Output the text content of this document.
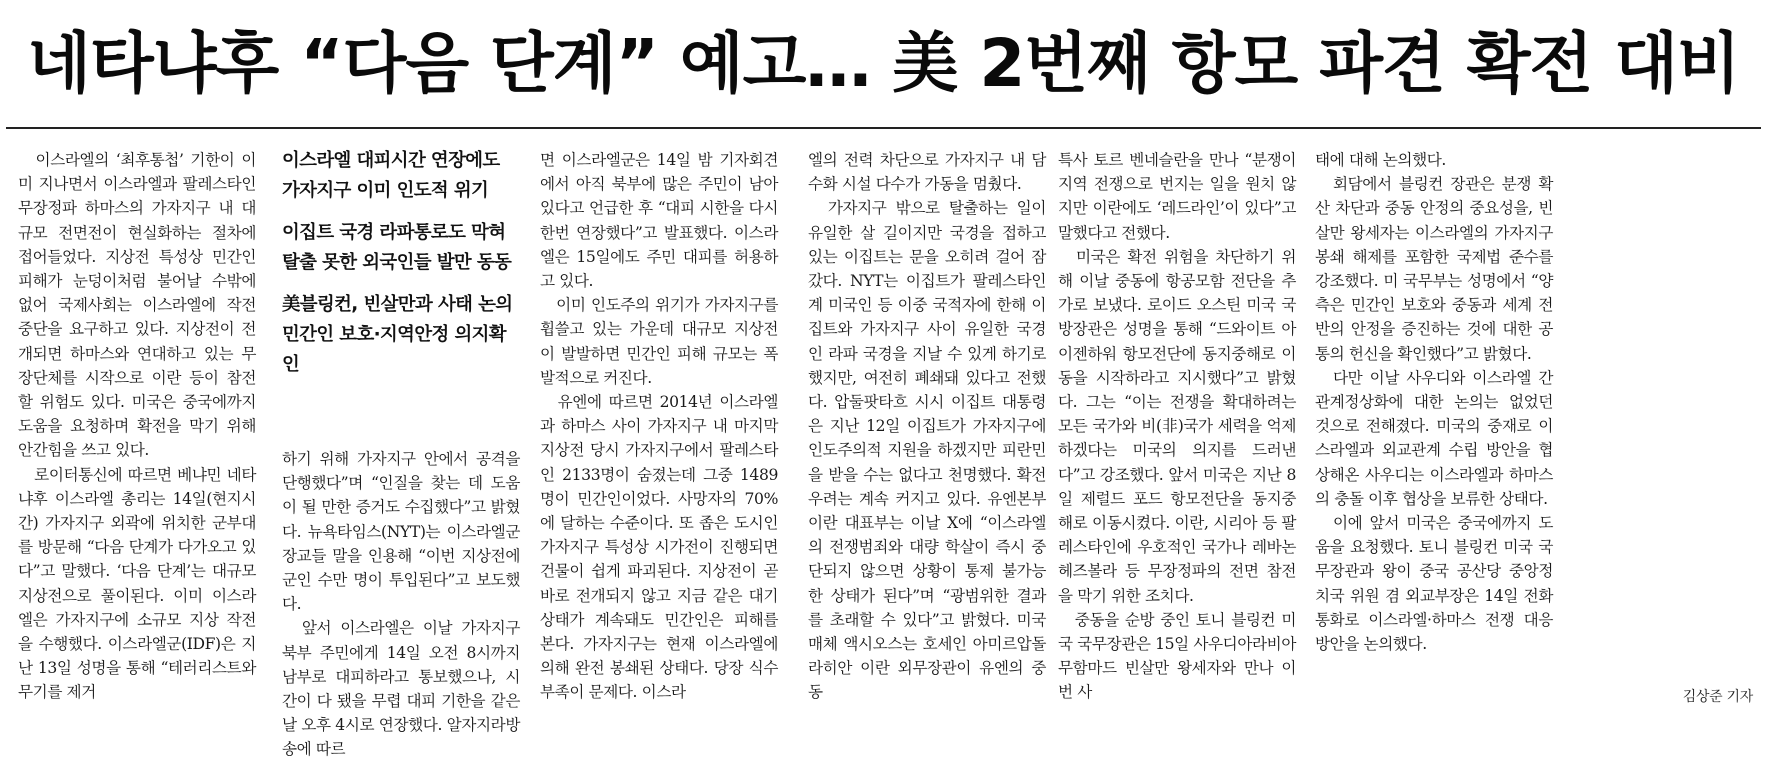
네타냐후 “다음 단계” 예고… 美 2번째 항모 파견 확전 대비
　이스라엘의 ‘최후통첩’ 기한이 이미 지나면서 이스라엘과 팔레스타인 무장정파 하마스의 가자지구 내 대규모 전면전이 현실화하는 절차에 접어들었다. 지상전 특성상 민간인 피해가 눈덩이처럼 불어날 수밖에 없어 국제사회는 이스라엘에 작전 중단을 요구하고 있다. 지상전이 전개되면 하마스와 연대하고 있는 무장단체를 시작으로 이란 등이 참전할 위험도 있다. 미국은 중국에까지 도움을 요청하며 확전을 막기 위해 안간힘을 쓰고 있다.
　로이터통신에 따르면 베냐민 네타냐후 이스라엘 총리는 14일(현지시간) 가자지구 외곽에 위치한 군부대를 방문해 “다음 단계가 다가오고 있다”고 말했다. ‘다음 단계’는 대규모 지상전으로 풀이된다. 이미 이스라엘은 가자지구에 소규모 지상 작전을 수행했다. 이스라엘군(IDF)은 지난 13일 성명을 통해 “테러리스트와 무기를 제거
이스라엘 대피시간 연장에도
가자지구 이미 인도적 위기
이집트 국경 라파통로도 막혀
탈출 못한 외국인들 발만 동동
美블링컨, 빈살만과 사태 논의
민간인 보호·지역안정 의지확인
하기 위해 가자지구 안에서 공격을 단행했다”며 “인질을 찾는 데 도움이 될 만한 증거도 수집했다”고 밝혔다. 뉴욕타임스(NYT)는 이스라엘군 장교들 말을 인용해 “이번 지상전에 군인 수만 명이 투입된다”고 보도했다.
　앞서 이스라엘은 이날 가자지구 북부 주민에게 14일 오전 8시까지 남부로 대피하라고 통보했으나, 시간이 다 됐을 무렵 대피 기한을 같은 날 오후 4시로 연장했다. 알자지라방송에 따르
면 이스라엘군은 14일 밤 기자회견에서 아직 북부에 많은 주민이 남아 있다고 언급한 후 “대피 시한을 다시 한번 연장했다”고 발표했다. 이스라엘은 15일에도 주민 대피를 허용하고 있다.
　이미 인도주의 위기가 가자지구를 휩쓸고 있는 가운데 대규모 지상전이 발발하면 민간인 피해 규모는 폭발적으로 커진다.
　유엔에 따르면 2014년 이스라엘과 하마스 사이 가자지구 내 마지막 지상전 당시 가자지구에서 팔레스타인 2133명이 숨졌는데 그중 1489명이 민간인이었다. 사망자의 70%에 달하는 수준이다. 또 좁은 도시인 가자지구 특성상 시가전이 진행되면 건물이 쉽게 파괴된다. 지상전이 곧바로 전개되지 않고 지금 같은 대기 상태가 계속돼도 민간인은 피해를 본다. 가자지구는 현재 이스라엘에 의해 완전 봉쇄된 상태다. 당장 식수 부족이 문제다. 이스라
엘의 전력 차단으로 가자지구 내 담수화 시설 다수가 가동을 멈췄다.
　가자지구 밖으로 탈출하는 일이 유일한 살 길이지만 국경을 접하고 있는 이집트는 문을 오히려 걸어 잠갔다. NYT는 이집트가 팔레스타인계 미국인 등 이중 국적자에 한해 이집트와 가자지구 사이 유일한 국경인 라파 국경을 지날 수 있게 하기로 했지만, 여전히 폐쇄돼 있다고 전했다. 압둘팟타흐 시시 이집트 대통령은 지난 12일 이집트가 가자지구에 인도주의적 지원을 하겠지만 피란민을 받을 수는 없다고 천명했다. 확전 우려는 계속 커지고 있다. 유엔본부 이란 대표부는 이날 X에 “이스라엘의 전쟁범죄와 대량 학살이 즉시 중단되지 않으면 상황이 통제 불가능한 상태가 된다”며 “광범위한 결과를 초래할 수 있다”고 밝혔다. 미국 매체 액시오스는 호세인 아미르압돌라히안 이란 외무장관이 유엔의 중동
특사 토르 벤네슬란을 만나 “분쟁이 지역 전쟁으로 번지는 일을 원치 않지만 이란에도 ‘레드라인’이 있다”고 말했다고 전했다.
　미국은 확전 위험을 차단하기 위해 이날 중동에 항공모함 전단을 추가로 보냈다. 로이드 오스틴 미국 국방장관은 성명을 통해 “드와이트 아이젠하워 항모전단에 동지중해로 이동을 시작하라고 지시했다”고 밝혔다. 그는 “이는 전쟁을 확대하려는 모든 국가와 비(非)국가 세력을 억제하겠다는 미국의 의지를 드러낸다”고 강조했다. 앞서 미국은 지난 8일 제럴드 포드 항모전단을 동지중해로 이동시켰다. 이란, 시리아 등 팔레스타인에 우호적인 국가나 레바논 헤즈볼라 등 무장정파의 전면 참전을 막기 위한 조치다.
　중동을 순방 중인 토니 블링컨 미국 국무장관은 15일 사우디아라비아 무함마드 빈살만 왕세자와 만나 이번 사
태에 대해 논의했다.
　회담에서 블링컨 장관은 분쟁 확산 차단과 중동 안정의 중요성을, 빈살만 왕세자는 이스라엘의 가자지구 봉쇄 해제를 포함한 국제법 준수를 강조했다. 미 국무부는 성명에서 “양측은 민간인 보호와 중동과 세계 전반의 안정을 증진하는 것에 대한 공통의 헌신을 확인했다”고 밝혔다.
　다만 이날 사우디와 이스라엘 간 관계정상화에 대한 논의는 없었던 것으로 전해졌다. 미국의 중재로 이스라엘과 외교관계 수립 방안을 협상해온 사우디는 이스라엘과 하마스의 충돌 이후 협상을 보류한 상태다.
　이에 앞서 미국은 중국에까지 도움을 요청했다. 토니 블링컨 미국 국무장관과 왕이 중국 공산당 중앙정치국 위원 겸 외교부장은 14일 전화 통화로 이스라엘·하마스 전쟁 대응 방안을 논의했다.
김상준 기자
